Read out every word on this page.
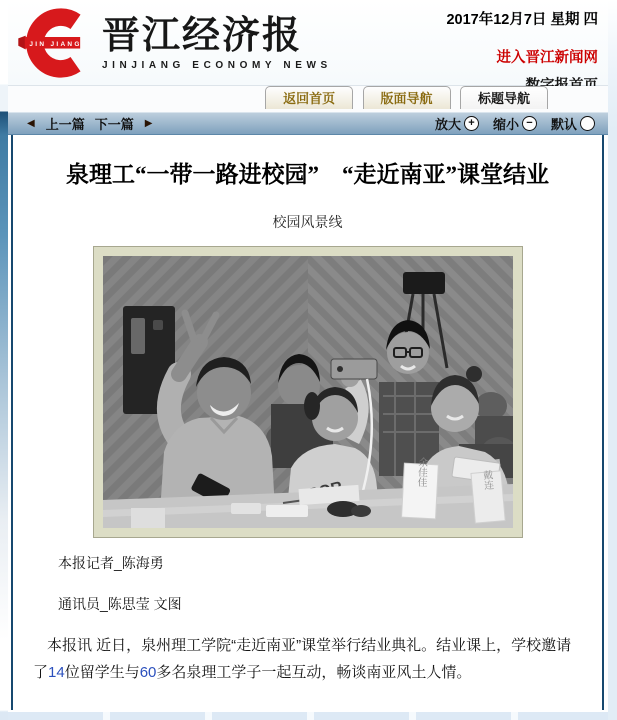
JIN JIANG 晋江经济报
JINJIANG ECONOMY NEWS
2017年12月7日 星期 四
进入晋江新闻网
返回首页	版面导航	标题导航
◀ 上一篇 下一篇 ▶	放大 +	缩小 −	默认
泉理工“一带一路进校园”　“走近南亚”课堂结业
校园风景线
余佳佳	戴连
本报记者_陈海勇
通讯员_陈思莹 文图

本报讯 近日，泉州理工学院“走近南亚”课堂举行结业典礼。结业课上，学校邀请了14位留学生与60多名泉理工学子一起互动，畅谈南亚风土人情。
